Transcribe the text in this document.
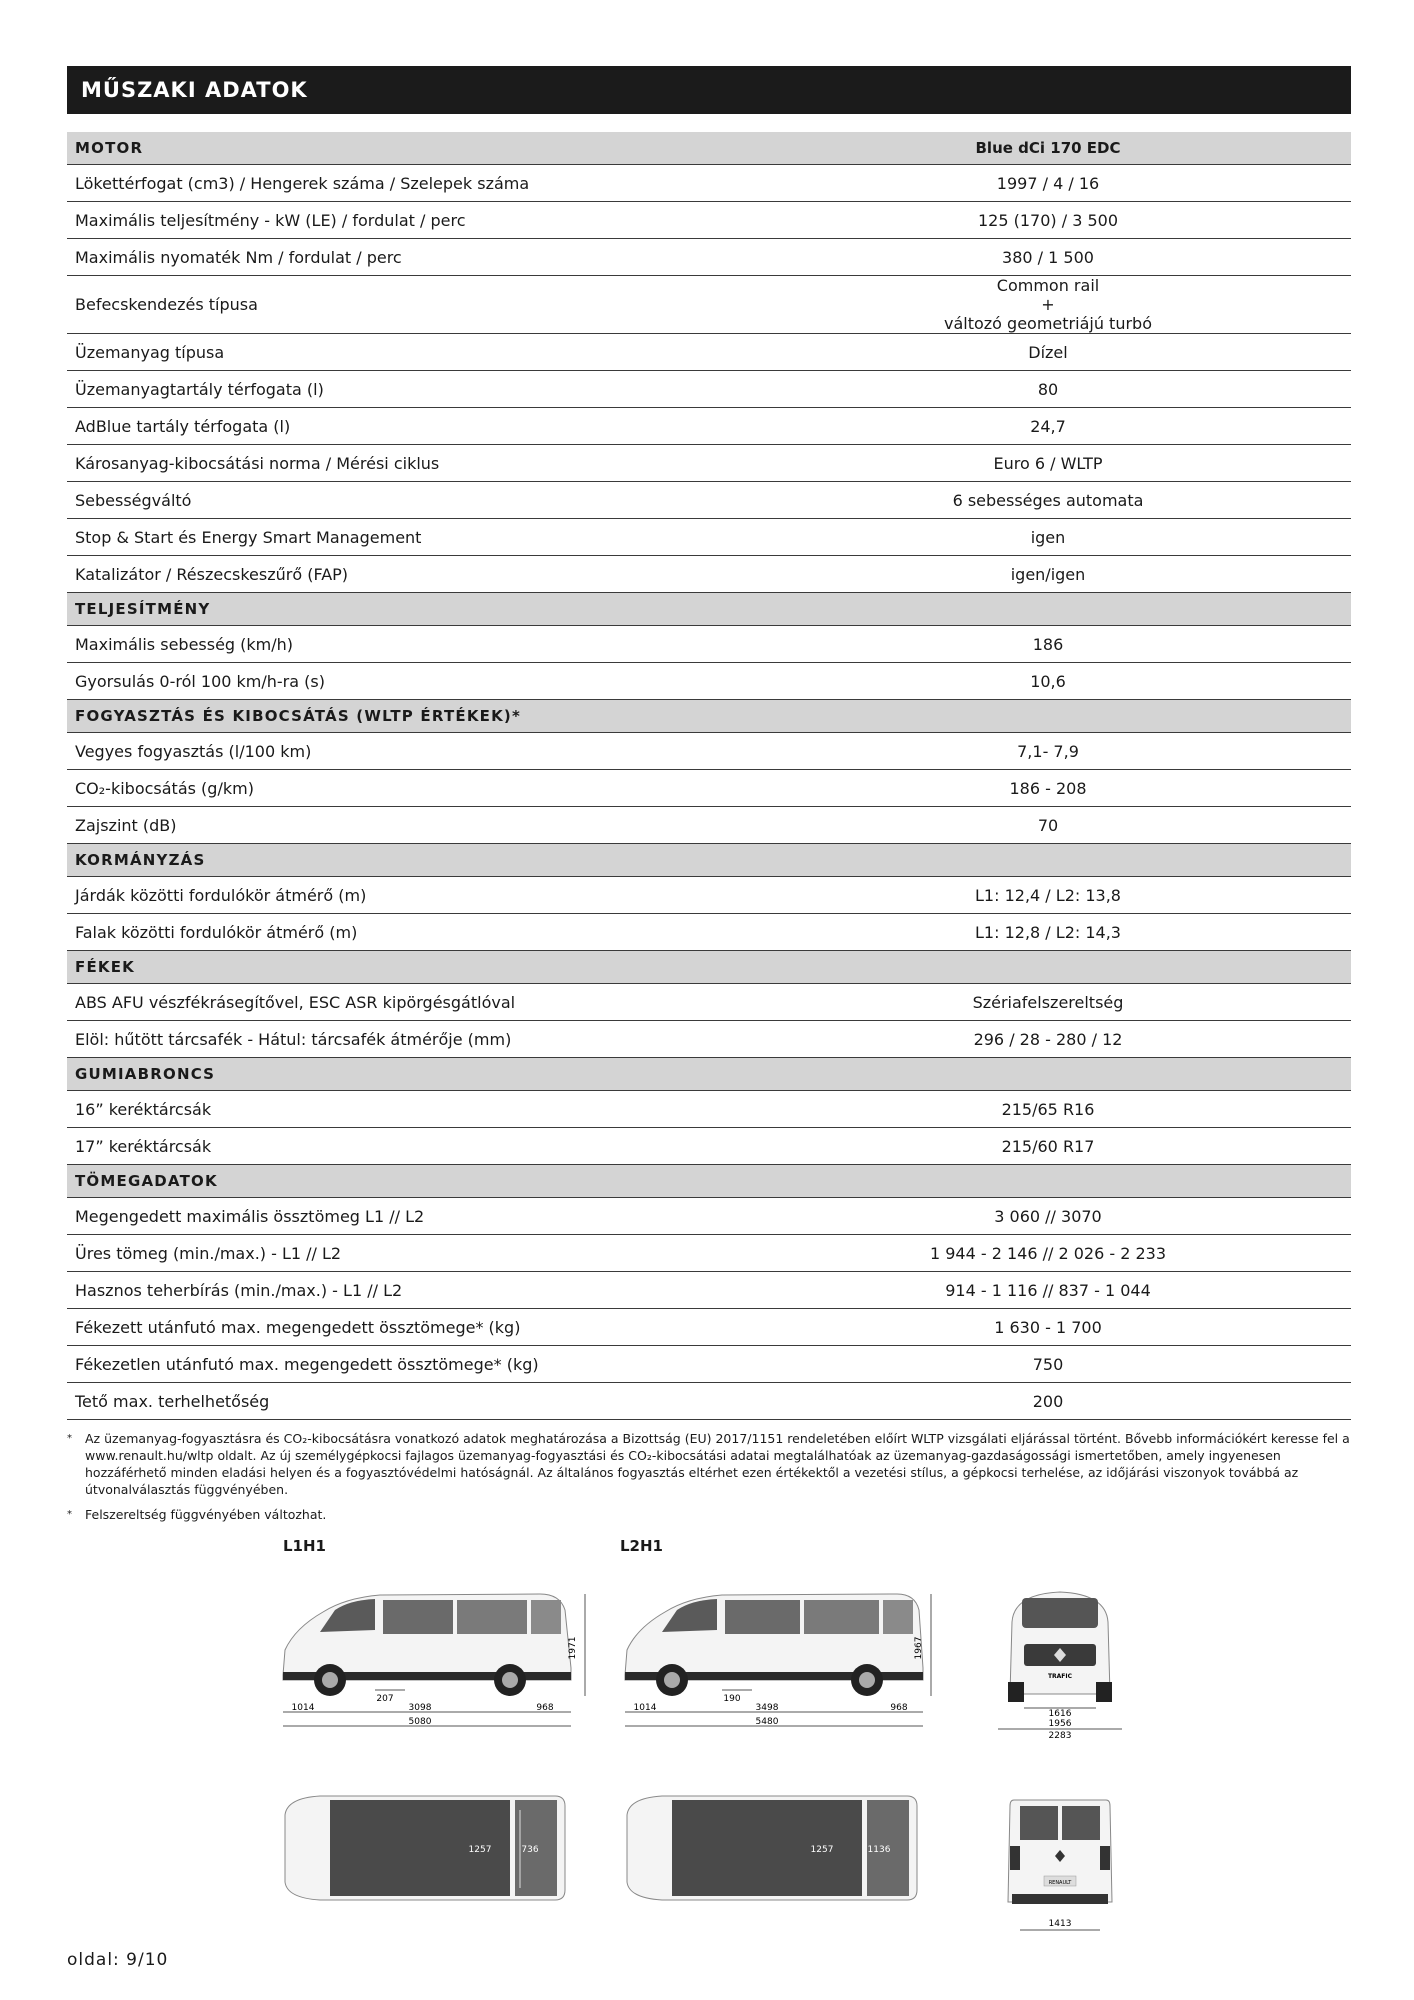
MŰSZAKI ADATOK
MOTOR	Blue dCi 170 EDC
Lökettérfogat (cm3) / Hengerek száma / Szelepek száma	1997 / 4 / 16
Maximális teljesítmény - kW (LE) / fordulat / perc	125 (170) / 3 500
Maximális nyomaték Nm / fordulat / perc	380 / 1 500
Befecskendezés típusa	Common rail
+
változó geometriájú turbó

Üzemanyag típusa	Dízel
Üzemanyagtartály térfogata (l)	80
AdBlue tartály térfogata (l)	24,7
Károsanyag-kibocsátási norma / Mérési ciklus	Euro 6 / WLTP
Sebességváltó	6 sebességes automata
Stop & Start és Energy Smart Management	igen
Katalizátor / Részecskeszűrő (FAP)	igen/igen
TELJESÍTMÉNY	
Maximális sebesség (km/h)	186
Gyorsulás 0-ról 100 km/h-ra (s)	10,6
FOGYASZTÁS ÉS KIBOCSÁTÁS (WLTP ÉRTÉKEK)*	
Vegyes fogyasztás (l/100 km)	7,1- 7,9
CO₂-kibocsátás (g/km)	186 - 208
Zajszint (dB)	70
KORMÁNYZÁS	
Járdák közötti fordulókör átmérő (m)	L1: 12,4 / L2: 13,8
Falak közötti fordulókör átmérő (m)	L1: 12,8 / L2: 14,3
FÉKEK	
ABS AFU vészfékrásegítővel, ESC ASR kipörgésgátlóval	Szériafelszereltség
Elöl: hűtött tárcsafék - Hátul: tárcsafék átmérője (mm)	296 / 28 - 280 / 12
GUMIABRONCS	
16” keréktárcsák	215/65 R16
17” keréktárcsák	215/60 R17
TÖMEGADATOK	
Megengedett maximális össztömeg L1 // L2	3 060 // 3070
Üres tömeg (min./max.) - L1 // L2	1 944 - 2 146 // 2 026 - 2 233
Hasznos teherbírás (min./max.) - L1 // L2	914 - 1 116 // 837 - 1 044
Fékezett utánfutó max. megengedett össztömege* (kg)	1 630 - 1 700
Fékezetlen utánfutó max. megengedett össztömege* (kg)	750
Tető max. terhelhetőség	200
*	Az üzemanyag-fogyasztásra és CO₂-kibocsátásra vonatkozó adatok meghatározása a Bizottság (EU) 2017/1151 rendeletében előírt WLTP vizsgálati eljárással történt. Bővebb információkért keresse fel a www.renault.hu/wltp oldalt. Az új személygépkocsi fajlagos üzemanyag-fogyasztási és CO₂-kibocsátási adatai megtalálhatóak az üzemanyag-gazdaságossági ismertetőben, amely ingyenesen hozzáférhető minden eladási helyen és a fogyasztóvédelmi hatóságnál. Az általános fogyasztás eltérhet ezen értékektől a vezetési stílus, a gépkocsi terhelése, az időjárási viszonyok továbbá az útvonalválasztás függvényében.
*	Felszereltség függvényében változhat.
L1H1	L2H1
1971
207
1014	3098	968
5080
1967
190
1014	3498	968
5480
TRAFIC
1616
1956
2283
1257	736	1257	1136
RENAULT
1413
oldal: 9/10
